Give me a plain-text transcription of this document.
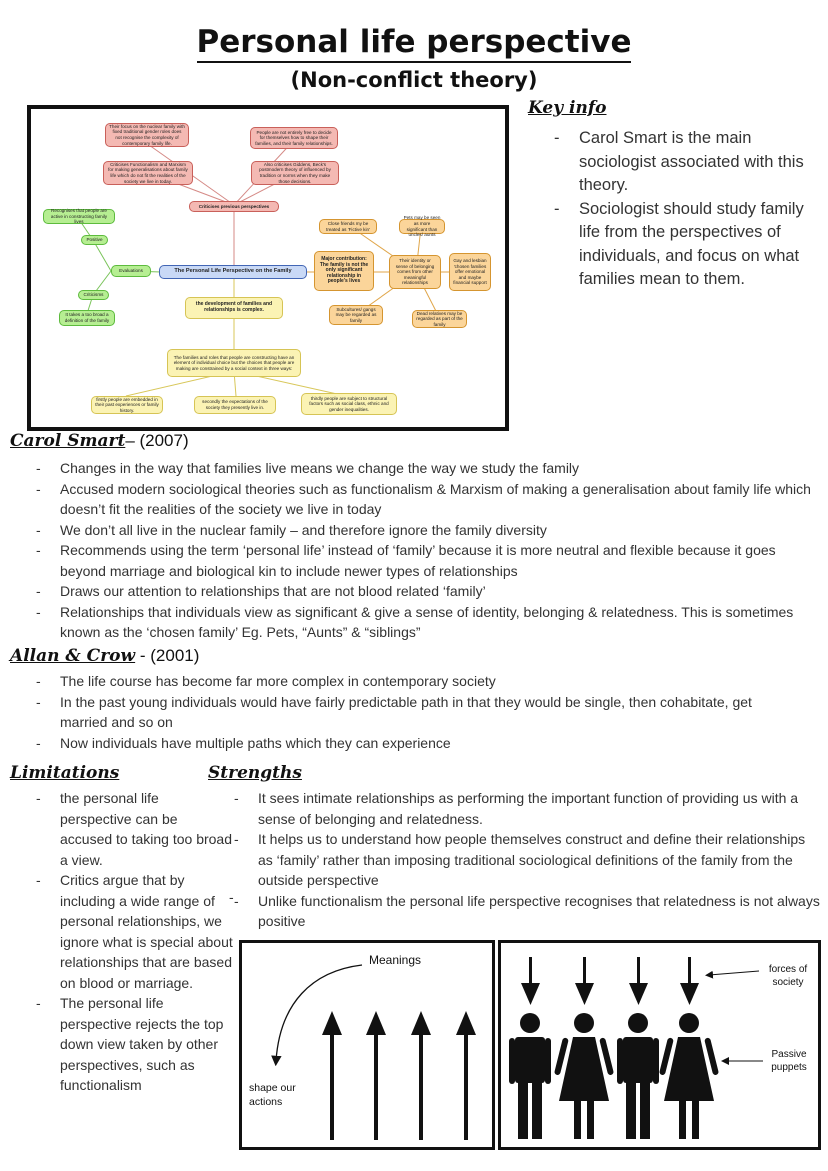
Personal life perspective
(Non-conflict theory)
Their focus on the nuclear family with fixed traditional gender roles does not recognise the complexity of contemporary family life.
People are not entirely free to decide for themselves how to shape their families, and their family relationships.
Criticises Functionalism and Marxism for making generalisations about family life which do not fit the realities of the society we live in today.
Also criticises Giddens, Beck's postmodern theory of influenced by tradition or norms when they make those decisions.
Criticises previous perspectives
Recognises that people are active in constructing family lives
Positive
Evaluations
Criticisms
It takes a too broad a definition of the family
The Personal Life Perspective on the Family
Close friends my be treated as 'Fictive kin'
Pets may be seen as more significant than uncles/ aunts
Major contribution: The family is not the only significant relationship in people's lives
Their identity or sense of belonging comes from other meaningful relationships
Gay and lesbian 'chosen families offer emotional and maybe financial support
Subcultures/ gangs may be regarded as family
Dead relatives may be regarded as part of the family
the development of families and relationships is complex.
The families and roles that people are constructing have an element of individual choice but the choices that people are making are constrained by a social context in three ways:
firstly people are embedded in their past experiences or family history.
secondly the expectations of the society they presently live in.
thirdly people are subject to structural factors such as social class, ethnic and gender inequalities.
Key info
- Carol Smart is the main sociologist associated with this theory.
- Sociologist should study family life from the perspectives of individuals, and focus on what families mean to them.
Carol Smart– (2007)
- Changes in the way that families live means we change the way we study the family
- Accused modern sociological theories such as functionalism & Marxism of making a generalisation about family life which doesn’t fit the realities of the society we live in today
- We don’t all live in the nuclear family – and therefore ignore the family diversity
- Recommends using the term ‘personal life’ instead of ‘family’ because it is more neutral and flexible because it goes beyond marriage and biological kin to include newer types of relationships
- Draws our attention to relationships that are not blood related ‘family’
- Relationships that individuals view as significant & give a sense of identity, belonging & relatedness. This is sometimes known as the ‘chosen family’ Eg. Pets, “Aunts” & “siblings”
Allan & Crow - (2001)
- The life course has become far more complex in contemporary society
- In the past young individuals would have fairly predictable path in that they would be single, then cohabitate, get married and so on
- Now individuals have multiple paths which they can experience
Limitations
- the personal life perspective can be accused to taking too broad a view.
- Critics argue that by including a wide range of personal relationships, we ignore what is special about relationships that are based on blood or marriage.
- The personal life perspective rejects the top down view taken by other perspectives, such as functionalism
-
Strengths
- It sees intimate relationships as performing the important function of providing us with a sense of belonging and relatedness.
- It helps us to understand how people themselves construct and define their relationships as ‘family’ rather than imposing traditional sociological definitions of the family from the outside perspective
- Unlike functionalism the personal life perspective recognises that relatedness is not always positive
Meanings
shape our actions
forces of society
Passive puppets
